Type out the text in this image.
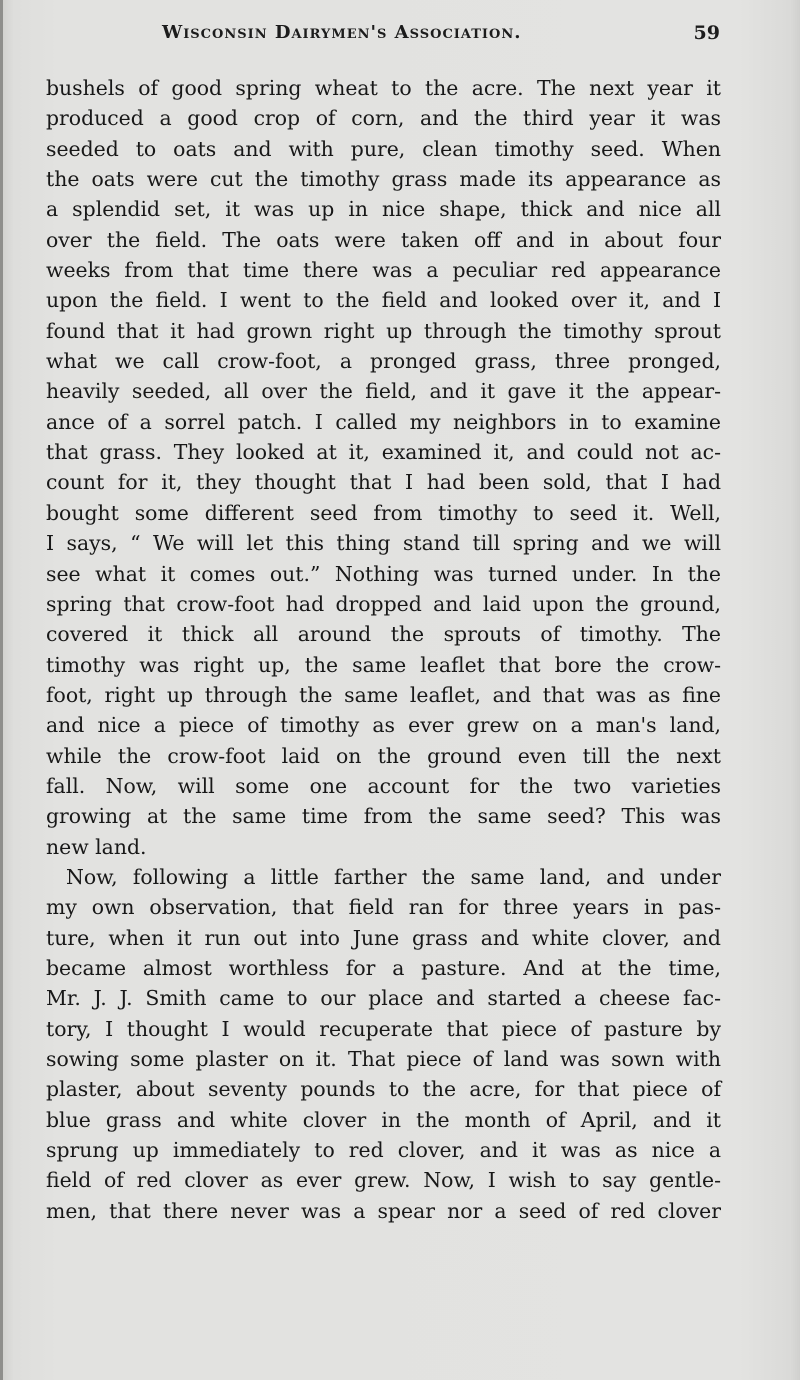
Wisconsin Dairymen's Association.	59
bushels of good spring wheat to the acre. The next year it
produced a good crop of corn, and the third year it was
seeded to oats and with pure, clean timothy seed. When
the oats were cut the timothy grass made its appearance as
a splendid set, it was up in nice shape, thick and nice all
over the field. The oats were taken off and in about four
weeks from that time there was a peculiar red appearance
upon the field. I went to the field and looked over it, and I
found that it had grown right up through the timothy sprout
what we call crow-foot, a pronged grass, three pronged,
heavily seeded, all over the field, and it gave it the appear-
ance of a sorrel patch. I called my neighbors in to examine
that grass. They looked at it, examined it, and could not ac-
count for it, they thought that I had been sold, that I had
bought some different seed from timothy to seed it. Well,
I says, “ We will let this thing stand till spring and we will
see what it comes out.” Nothing was turned under. In the
spring that crow-foot had dropped and laid upon the ground,
covered it thick all around the sprouts of timothy. The
timothy was right up, the same leaflet that bore the crow-
foot, right up through the same leaflet, and that was as fine
and nice a piece of timothy as ever grew on a man's land,
while the crow-foot laid on the ground even till the next
fall. Now, will some one account for the two varieties
growing at the same time from the same seed? This was
new land.
Now, following a little farther the same land, and under
my own observation, that field ran for three years in pas-
ture, when it run out into June grass and white clover, and
became almost worthless for a pasture. And at the time,
Mr. J. J. Smith came to our place and started a cheese fac-
tory, I thought I would recuperate that piece of pasture by
sowing some plaster on it. That piece of land was sown with
plaster, about seventy pounds to the acre, for that piece of
blue grass and white clover in the month of April, and it
sprung up immediately to red clover, and it was as nice a
field of red clover as ever grew. Now, I wish to say gentle-
men, that there never was a spear nor a seed of red clover
